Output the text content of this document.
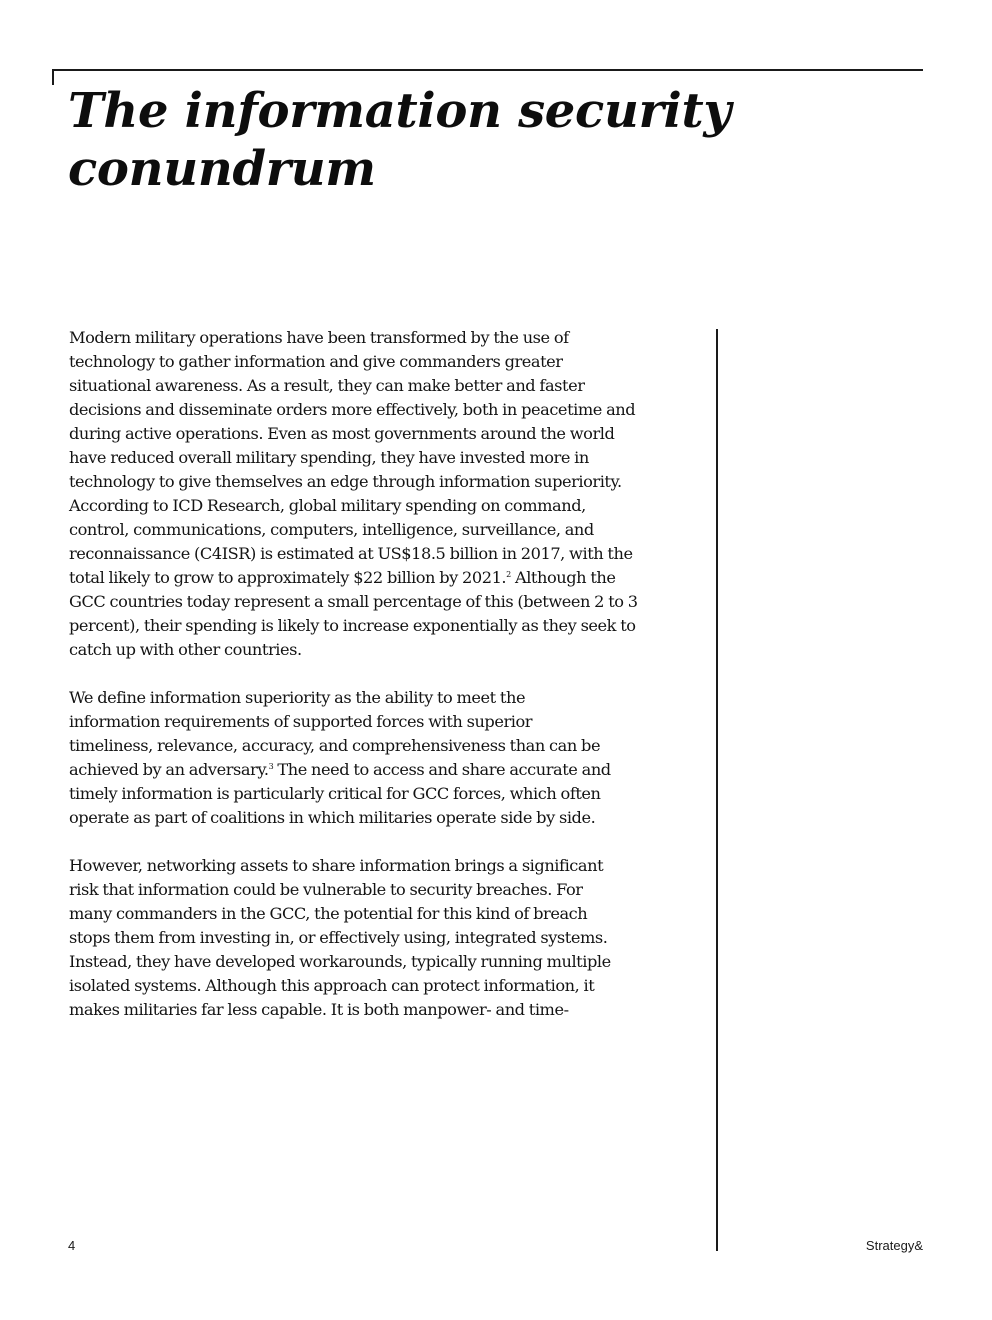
The information security
conundrum

Modern military operations have been transformed by the use of
technology to gather information and give commanders greater
situational awareness. As a result, they can make better and faster
decisions and disseminate orders more effectively, both in peacetime and
during active operations. Even as most governments around the world
have reduced overall military spending, they have invested more in
technology to give themselves an edge through information superiority.
According to ICD Research, global military spending on command,
control, communications, computers, intelligence, surveillance, and
reconnaissance (C4ISR) is estimated at US$18.5 billion in 2017, with the
total likely to grow to approximately $22 billion by 2021.$^2$ Although the
GCC countries today represent a small percentage of this (between 2 to 3
percent), their spending is likely to increase exponentially as they seek to
catch up with other countries.

We define information superiority as the ability to meet the
information requirements of supported forces with superior
timeliness, relevance, accuracy, and comprehensiveness than can be
achieved by an adversary.$^3$ The need to access and share accurate and
timely information is particularly critical for GCC forces, which often
operate as part of coalitions in which militaries operate side by side.

However, networking assets to share information brings a significant
risk that information could be vulnerable to security breaches. For
many commanders in the GCC, the potential for this kind of breach
stops them from investing in, or effectively using, integrated systems.
Instead, they have developed workarounds, typically running multiple
isolated systems. Although this approach can protect information, it
makes militaries far less capable. It is both manpower- and time-

4	Strategy&
